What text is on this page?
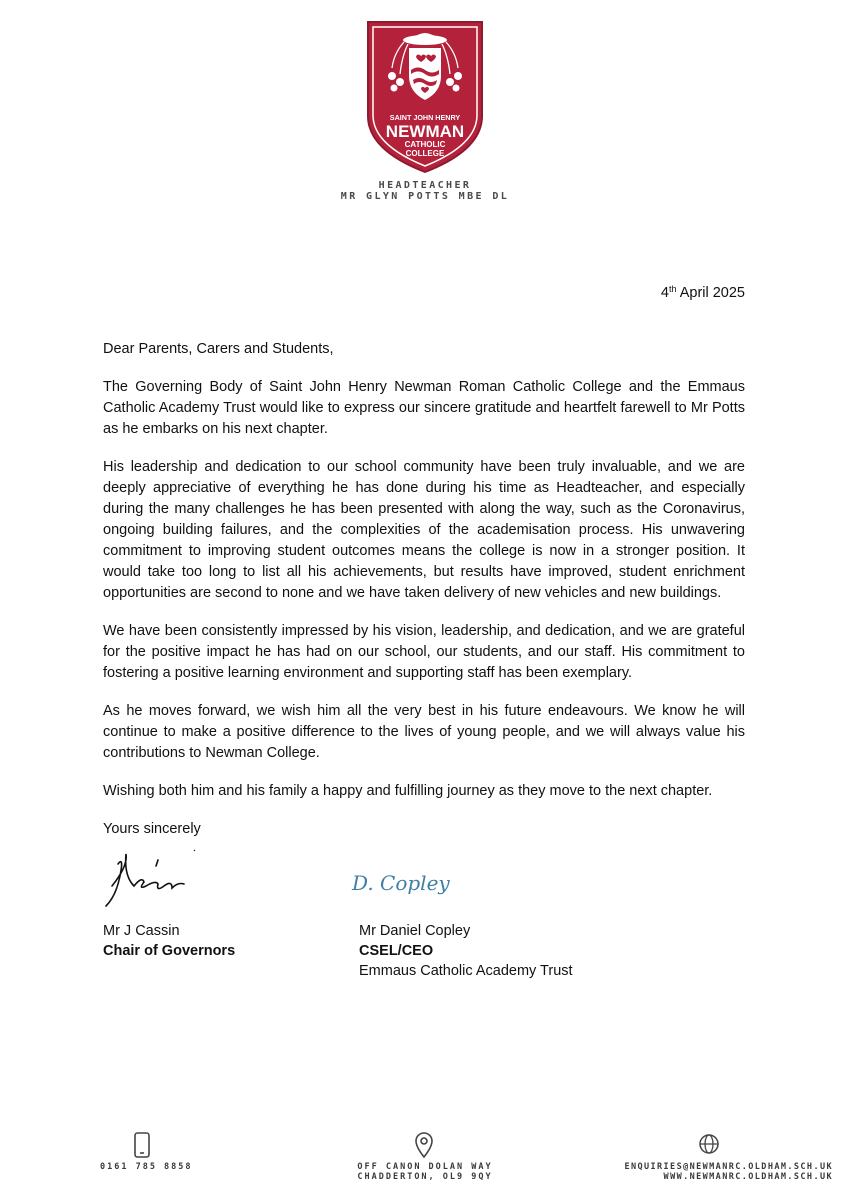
SAINT JOHN HENRY
NEWMAN
CATHOLIC
COLLEGE
HEADTEACHER
MR GLYN POTTS MBE DL
4th April 2025

Dear Parents, Carers and Students,

The Governing Body of Saint John Henry Newman Roman Catholic College and the Emmaus Catholic Academy Trust would like to express our sincere gratitude and heartfelt farewell to Mr Potts as he embarks on his next chapter.

His leadership and dedication to our school community have been truly invaluable, and we are deeply appreciative of everything he has done during his time as Headteacher, and especially during the many challenges he has been presented with along the way, such as the Coronavirus, ongoing building failures, and the complexities of the academisation process. His unwavering commitment to improving student outcomes means the college is now in a stronger position. It would take too long to list all his achievements, but results have improved, student enrichment opportunities are second to none and we have taken delivery of new vehicles and new buildings.

We have been consistently impressed by his vision, leadership, and dedication, and we are grateful for the positive impact he has had on our school, our students, and our staff. His commitment to fostering a positive learning environment and supporting staff has been exemplary.

As he moves forward, we wish him all the very best in his future endeavours. We know he will continue to make a positive difference to the lives of young people, and we will always value his contributions to Newman College.

Wishing both him and his family a happy and fulfilling journey as they move to the next chapter.

Yours sincerely

D. Copley
Mr J Cassin
Chair of Governors
Mr Daniel Copley
CSEL/CEO
Emmaus Catholic Academy Trust
0161 785 8858	OFF CANON DOLAN WAY
CHADDERTON, OL9 9QY
ENQUIRIES@NEWMANRC.OLDHAM.SCH.UK
WWW.NEWMANRC.OLDHAM.SCH.UK
